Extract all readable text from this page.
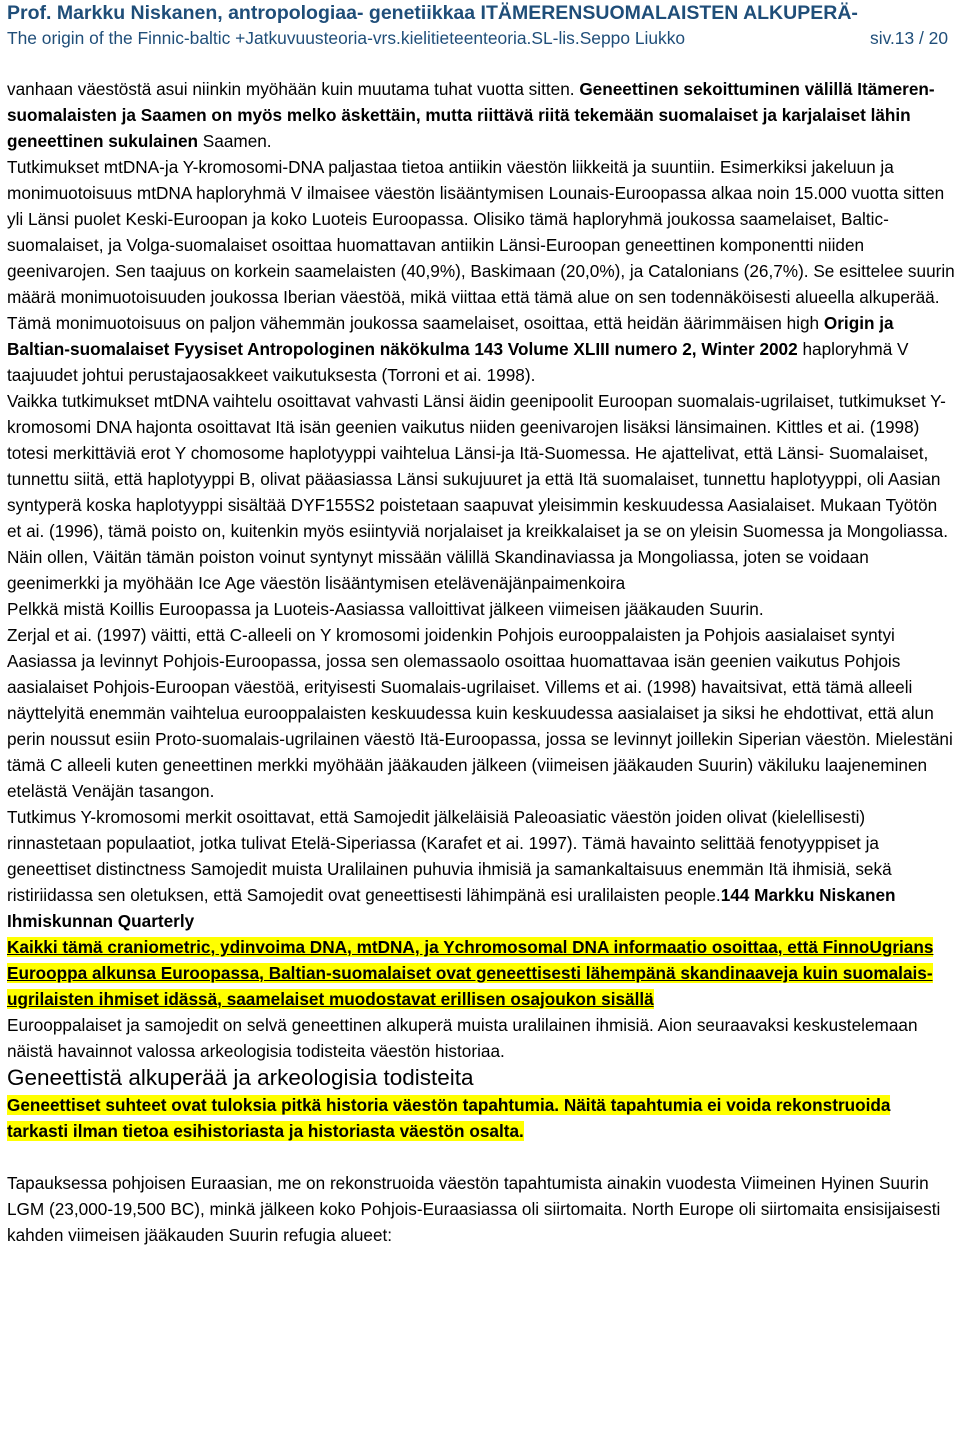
Prof. Markku Niskanen, antropologiaa- genetiikkaa ITÄMERENSUOMALAISTEN ALKUPERÄ-
The origin of the Finnic-baltic +Jatkuvuusteoria-vrs.kielitieteenteoria.SL-lis.Seppo Liukko	siv.13 / 20

vanhaan väestöstä asui niinkin myöhään kuin muutama tuhat vuotta sitten. Geneettinen sekoittuminen välillä Itämeren-suomalaisten ja Saamen on myös melko äskettäin, mutta riittävä riitä tekemään suomalaiset ja karjalaiset lähin geneettinen sukulainen Saamen.

Tutkimukset mtDNA-ja Y-kromosomi-DNA paljastaa tietoa antiikin väestön liikkeitä ja suuntiin. Esimerkiksi jakeluun ja monimuotoisuus mtDNA haploryhmä V ilmaisee väestön lisääntymisen Lounais-Euroopassa alkaa noin 15.000 vuotta sitten yli Länsi puolet Keski-Euroopan ja koko Luoteis Euroopassa. Olisiko tämä haploryhmä joukossa saamelaiset, Baltic-suomalaiset, ja Volga-suomalaiset osoittaa huomattavan antiikin Länsi-Euroopan geneettinen komponentti niiden geenivarojen. Sen taajuus on korkein saamelaisten (40,9%), Baskimaan (20,0%), ja Catalonians (26,7%). Se esittelee suurin määrä monimuotoisuuden joukossa Iberian väestöä, mikä viittaa että tämä alue on sen todennäköisesti alueella alkuperää. Tämä monimuotoisuus on paljon vähemmän joukossa saamelaiset, osoittaa, että heidän äärimmäisen high Origin ja Baltian-suomalaiset Fyysiset Antropologinen näkökulma 143 Volume XLIII numero 2, Winter 2002 haploryhmä V taajuudet johtui perustajaosakkeet vaikutuksesta (Torroni et ai. 1998).

Vaikka tutkimukset mtDNA vaihtelu osoittavat vahvasti Länsi äidin geenipoolit Euroopan suomalais-ugrilaiset, tutkimukset Y-kromosomi DNA hajonta osoittavat Itä isän geenien vaikutus niiden geenivarojen lisäksi länsimainen. Kittles et ai. (1998) totesi merkittäviä erot Y chomosome haplotyyppi vaihtelua Länsi-ja Itä-Suomessa. He ajattelivat, että Länsi- Suomalaiset, tunnettu siitä, että haplotyyppi B, olivat pääasiassa Länsi sukujuuret ja että Itä suomalaiset, tunnettu haplotyyppi, oli Aasian syntyperä koska haplotyyppi sisältää DYF155S2 poistetaan saapuvat yleisimmin keskuudessa Aasialaiset. Mukaan Työtön et ai. (1996), tämä poisto on, kuitenkin myös esiintyviä norjalaiset ja kreikkalaiset ja se on yleisin Suomessa ja Mongoliassa. Näin ollen, Väitän tämän poiston voinut syntynyt missään välillä Skandinaviassa ja Mongoliassa, joten se voidaan geenimerkki ja myöhään Ice Age väestön lisääntymisen etelävenäjänpaimenkoira

Pelkkä mistä Koillis Euroopassa ja Luoteis-Aasiassa valloittivat jälkeen viimeisen jääkauden Suurin.

Zerjal et ai. (1997) väitti, että C-alleeli on Y kromosomi joidenkin Pohjois eurooppalaisten ja Pohjois aasialaiset syntyi Aasiassa ja levinnyt Pohjois-Euroopassa, jossa sen olemassaolo osoittaa huomattavaa isän geenien vaikutus Pohjois aasialaiset Pohjois-Euroopan väestöä, erityisesti Suomalais-ugrilaiset. Villems et ai. (1998) havaitsivat, että tämä alleeli näyttelyitä enemmän vaihtelua eurooppalaisten keskuudessa kuin keskuudessa aasialaiset ja siksi he ehdottivat, että alun perin noussut esiin Proto-suomalais-ugrilainen väestö Itä-Euroopassa, jossa se levinnyt joillekin Siperian väestön. Mielestäni tämä C alleeli kuten geneettinen merkki myöhään jääkauden jälkeen (viimeisen jääkauden Suurin) väkiluku laajeneminen etelästä Venäjän tasangon.

Tutkimus Y-kromosomi merkit osoittavat, että Samojedit jälkeläisiä Paleoasiatic väestön joiden olivat (kielellisesti) rinnastetaan populaatiot, jotka tulivat Etelä-Siperiassa (Karafet et ai. 1997). Tämä havainto selittää fenotyyppiset ja geneettiset distinctness Samojedit muista Uralilainen puhuvia ihmisiä ja samankaltaisuus enemmän Itä ihmisiä, sekä ristiriidassa sen oletuksen, että Samojedit ovat geneettisesti lähimpänä esi uralilaisten people.144 Markku Niskanen Ihmiskunnan Quarterly

Kaikki tämä craniometric, ydinvoima DNA, mtDNA, ja Ychromosomal DNA informaatio osoittaa, että FinnoUgrians Eurooppa alkunsa Euroopassa, Baltian-suomalaiset ovat geneettisesti lähempänä skandinaaveja kuin suomalais-ugrilaisten ihmiset idässä, saamelaiset muodostavat erillisen osajoukon sisällä

Eurooppalaiset ja samojedit on selvä geneettinen alkuperä muista uralilainen ihmisiä. Aion seuraavaksi keskustelemaan näistä havainnot valossa arkeologisia todisteita väestön historiaa.

Geneettistä alkuperää ja arkeologisia todisteita

Geneettiset suhteet ovat tuloksia pitkä historia väestön tapahtumia. Näitä tapahtumia ei voida rekonstruoida tarkasti ilman tietoa esihistoriasta ja historiasta väestön osalta.

Tapauksessa pohjoisen Euraasian, me on rekonstruoida väestön tapahtumista ainakin vuodesta Viimeinen Hyinen Suurin LGM (23,000-19,500 BC), minkä jälkeen koko Pohjois-Euraasiassa oli siirtomaita. North Europe oli siirtomaita ensisijaisesti kahden viimeisen jääkauden Suurin refugia alueet:
